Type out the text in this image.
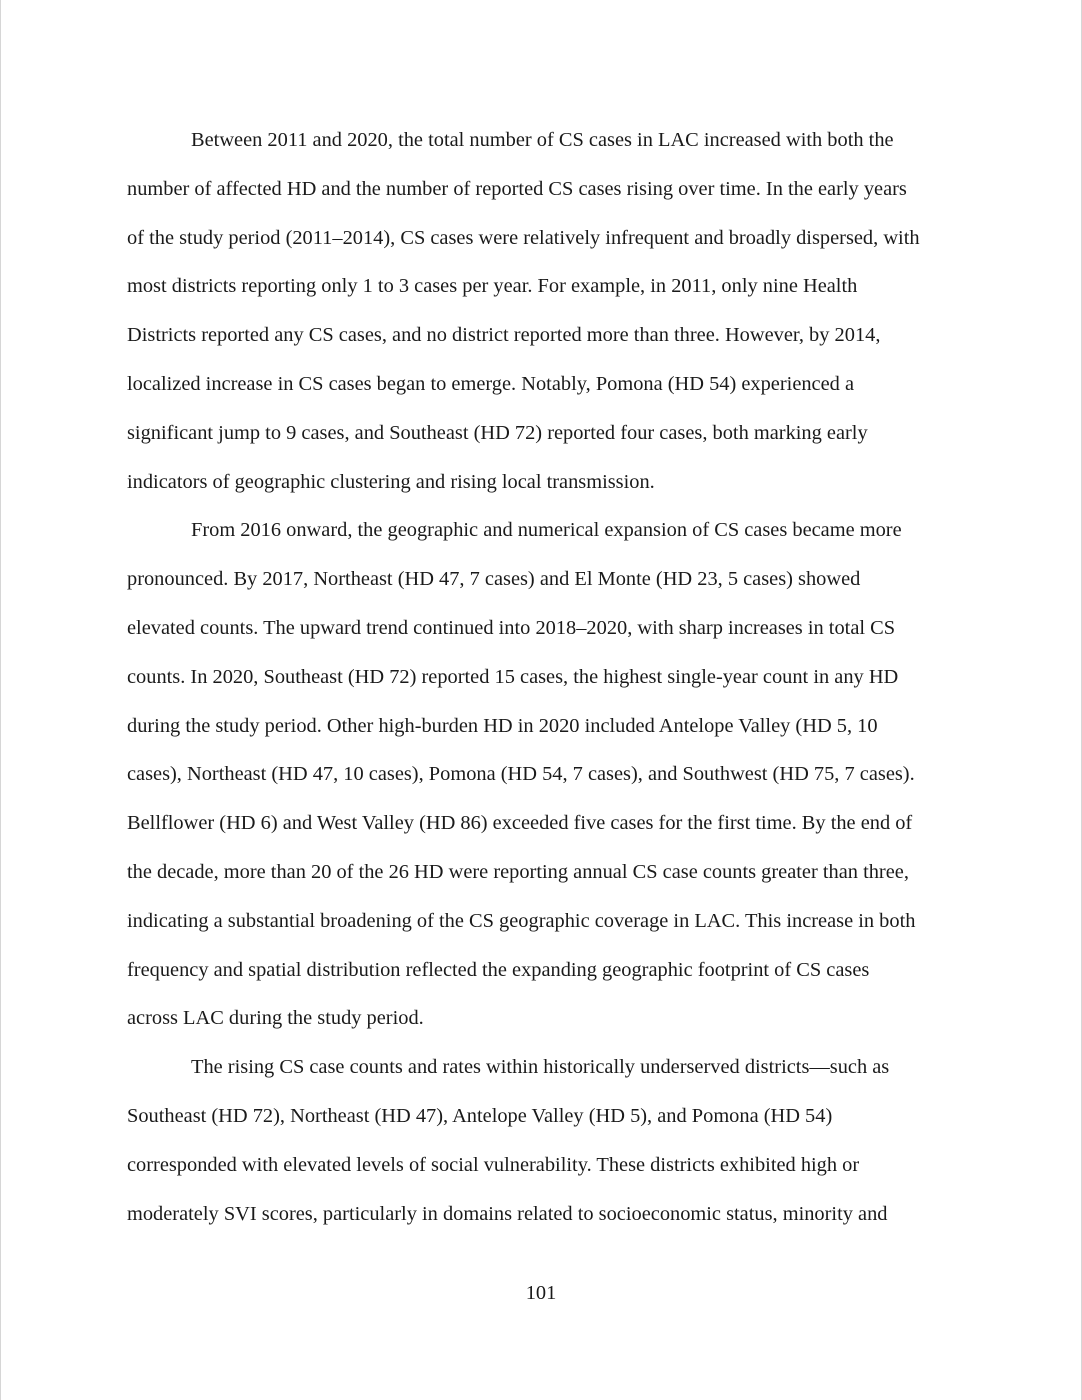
Between 2011 and 2020, the total number of CS cases in LAC increased with both the
number of affected HD and the number of reported CS cases rising over time. In the early years
of the study period (2011–2014), CS cases were relatively infrequent and broadly dispersed, with
most districts reporting only 1 to 3 cases per year. For example, in 2011, only nine Health
Districts reported any CS cases, and no district reported more than three. However, by 2014,
localized increase in CS cases began to emerge. Notably, Pomona (HD 54) experienced a
significant jump to 9 cases, and Southeast (HD 72) reported four cases, both marking early
indicators of geographic clustering and rising local transmission.

From 2016 onward, the geographic and numerical expansion of CS cases became more
pronounced. By 2017, Northeast (HD 47, 7 cases) and El Monte (HD 23, 5 cases) showed
elevated counts. The upward trend continued into 2018–2020, with sharp increases in total CS
counts. In 2020, Southeast (HD 72) reported 15 cases, the highest single-year count in any HD
during the study period. Other high-burden HD in 2020 included Antelope Valley (HD 5, 10
cases), Northeast (HD 47, 10 cases), Pomona (HD 54, 7 cases), and Southwest (HD 75, 7 cases).
Bellflower (HD 6) and West Valley (HD 86) exceeded five cases for the first time. By the end of
the decade, more than 20 of the 26 HD were reporting annual CS case counts greater than three,
indicating a substantial broadening of the CS geographic coverage in LAC. This increase in both
frequency and spatial distribution reflected the expanding geographic footprint of CS cases
across LAC during the study period.

The rising CS case counts and rates within historically underserved districts—such as
Southeast (HD 72), Northeast (HD 47), Antelope Valley (HD 5), and Pomona (HD 54)
corresponded with elevated levels of social vulnerability. These districts exhibited high or
moderately SVI scores, particularly in domains related to socioeconomic status, minority and

101
